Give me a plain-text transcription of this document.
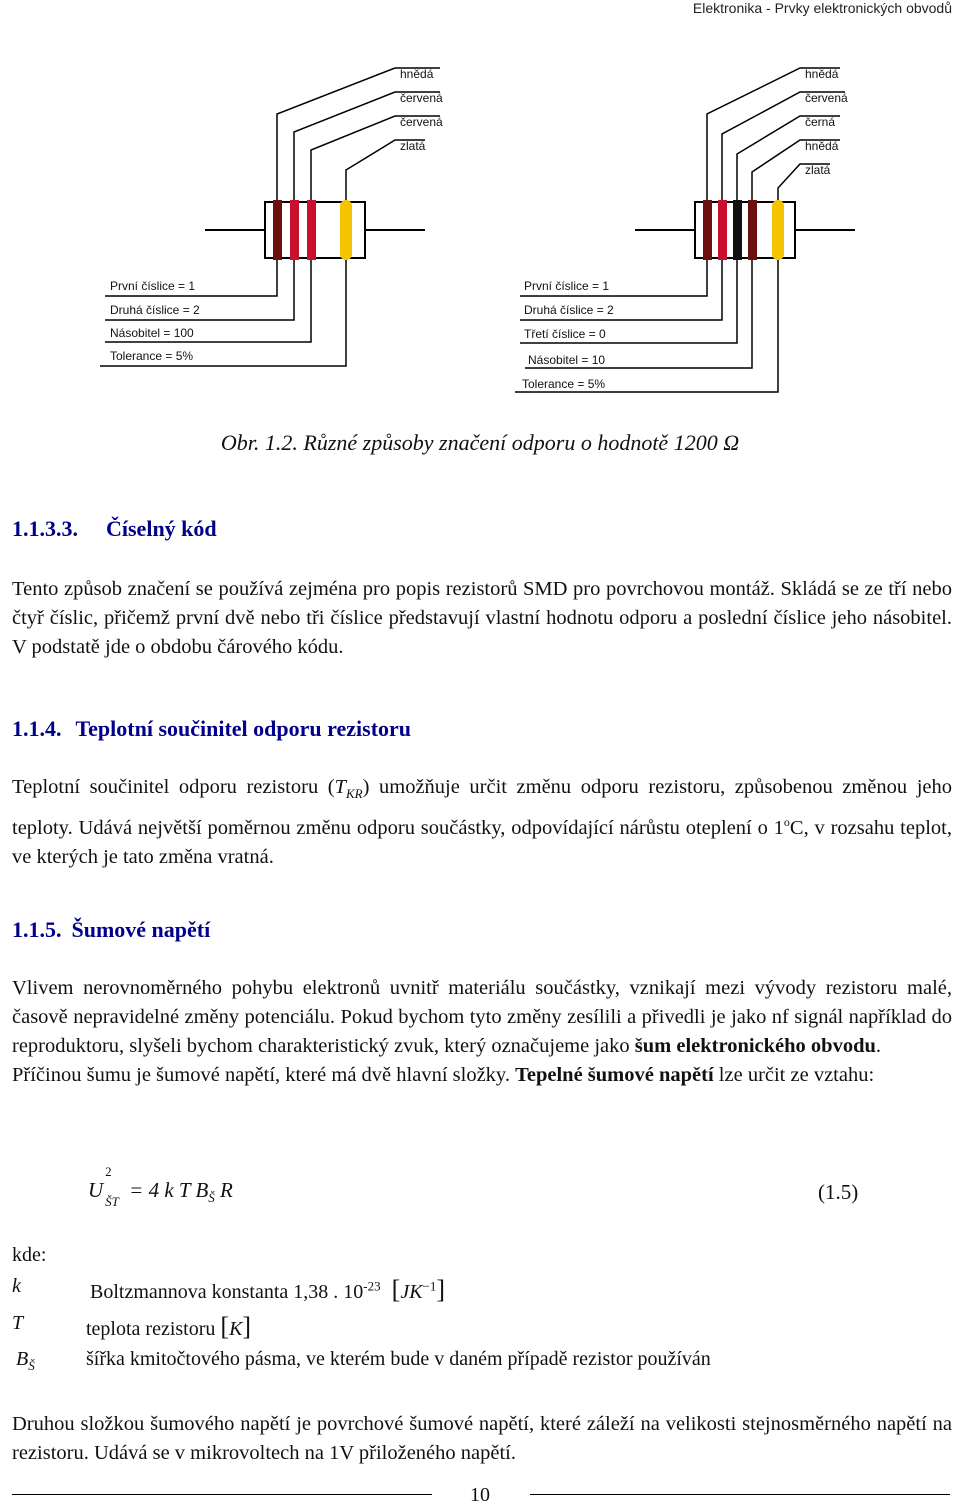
Elektronika - Prvky elektronických obvodů
hnědá
červená
červená
zlatá
První číslice = 1
Druhá číslice = 2
Násobitel = 100
Tolerance = 5%
hnědá
červená
černá
hnědá
zlatá
První číslice = 1
Druhá číslice = 2
Třetí číslice = 0
Násobitel = 10
Tolerance = 5%
Obr. 1.2. Různé způsoby značení odporu o hodnotě 1200 Ω
1.1.3.3. Číselný kód

Tento způsob značení se používá zejména pro popis rezistorů SMD pro povrchovou montáž. Skládá se ze tří nebo čtyř číslic, přičemž první dvě nebo tři číslice představují vlastní hodnotu odporu a poslední číslice jeho násobitel. V podstatě jde o obdobu čárového kódu.

1.1.4. Teplotní součinitel odporu rezistoru

Teplotní součinitel odporu rezistoru $(T_{KR})$ umožňuje určit změnu odporu rezistoru, způsobenou změnou jeho teploty. Udává největší poměrnou změnu odporu součástky, odpovídající nárůstu oteplení o 1$^o$C, v rozsahu teplot, ve kterých je tato změna vratná.

1.1.5. Šumové napětí

Vlivem nerovnoměrného pohybu elektronů uvnitř materiálu součástky, vznikají mezi vývody rezistoru malé, časově nepravidelné změny potenciálu. Pokud bychom tyto změny zesílili a přivedli je jako nf signál například do reproduktoru, slyšeli bychom charakteristický zvuk, který označujeme jako šum elektronického obvodu.

Příčinou šumu je šumové napětí, které má dvě hlavní složky. Tepelné šumové napětí lze určit ze vztahu:

U
2
ŠT = 4 k T $B_Š$ R	(1.5)
kde:
k	Boltzmannova konstanta 1,38 . $10^{-23}$ $[JK^{-1}]$
T	teplota rezistoru [K]
$B_Š$	šířka kmitočtového pásma, ve kterém bude v daném případě rezistor používán

Druhou složkou šumového napětí je povrchové šumové napětí, které záleží na velikosti stejnosměrného napětí na rezistoru. Udává se v mikrovoltech na 1V přiloženého napětí.

10
